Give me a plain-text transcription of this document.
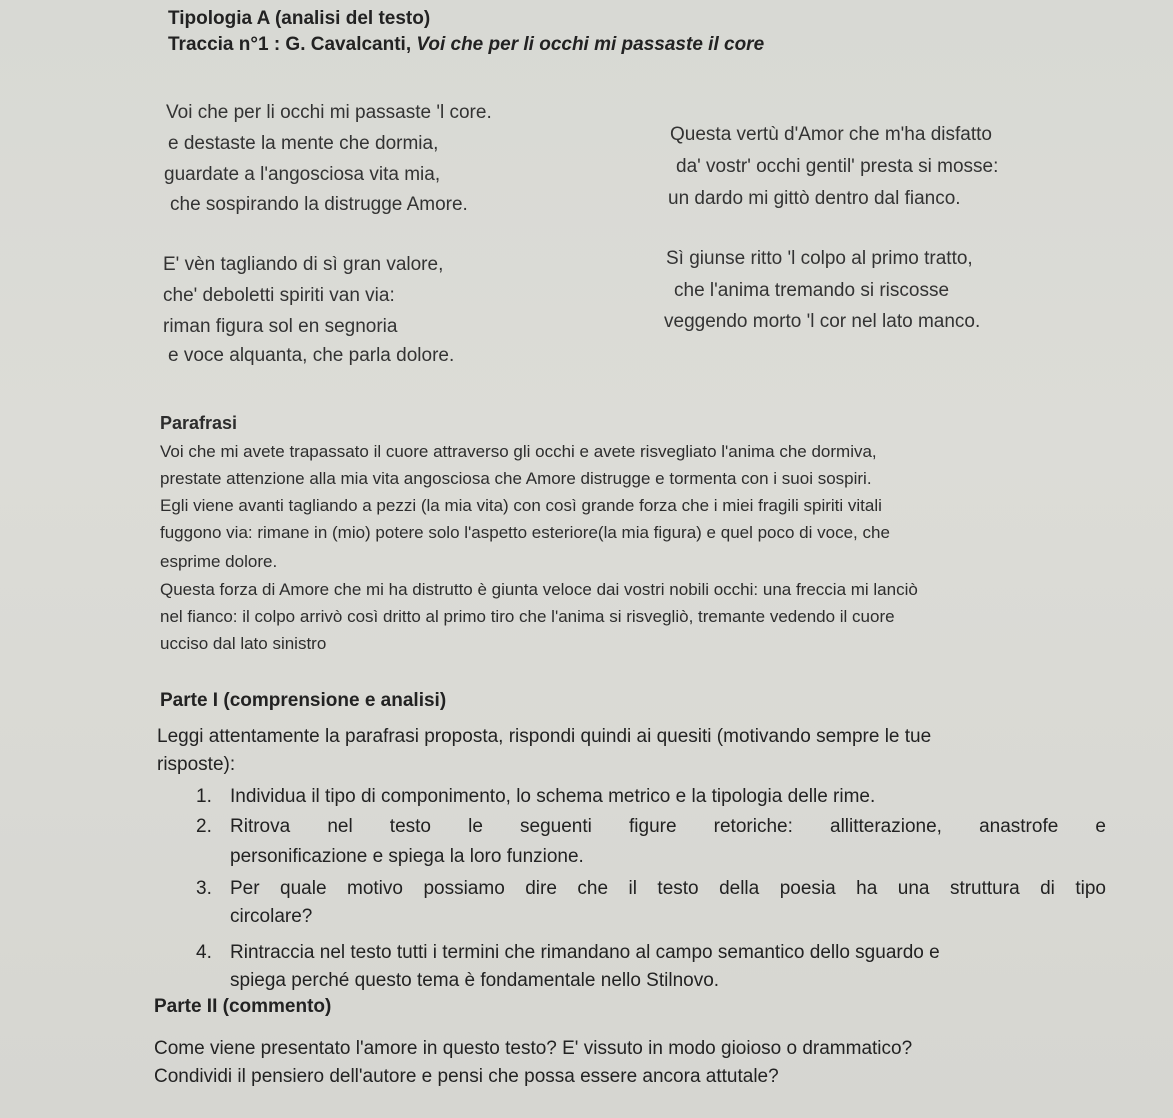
Tipologia A (analisi del testo)
Traccia n°1 : G. Cavalcanti, Voi che per li occhi mi passaste il core
Voi che per li occhi mi passaste 'l core.
e destaste la mente che dormia,
guardate a l'angosciosa vita mia,
che sospirando la distrugge Amore.
E' vèn tagliando di sì gran valore,
che' deboletti spiriti van via:
riman figura sol en segnoria
e voce alquanta, che parla dolore.
Questa vertù d'Amor che m'ha disfatto
da' vostr' occhi gentil' presta si mosse:
un dardo mi gittò dentro dal fianco.
Sì giunse ritto 'l colpo al primo tratto,
che l'anima tremando si riscosse
veggendo morto 'l cor nel lato manco.
Parafrasi
Voi che mi avete trapassato il cuore attraverso gli occhi e avete risvegliato l'anima che dormiva,
prestate attenzione alla mia vita angosciosa che Amore distrugge e tormenta con i suoi sospiri.
Egli viene avanti tagliando a pezzi (la mia vita) con così grande forza che i miei fragili spiriti vitali
fuggono via: rimane in (mio) potere solo l'aspetto esteriore(la mia figura) e quel poco di voce, che
esprime dolore.
Questa forza di Amore che mi ha distrutto è giunta veloce dai vostri nobili occhi: una freccia mi lanciò
nel fianco: il colpo arrivò così dritto al primo tiro che l'anima si risvegliò, tremante vedendo il cuore
ucciso dal lato sinistro
Parte I (comprensione e analisi)
Leggi attentamente la parafrasi proposta, rispondi quindi ai quesiti (motivando sempre le tue
risposte):
1. Individua il tipo di componimento, lo schema metrico e la tipologia delle rime.
2. Ritrova nel testo le seguenti figure retoriche: allitterazione, anastrofe e
personificazione e spiega la loro funzione.
3. Per quale motivo possiamo dire che il testo della poesia ha una struttura di tipo
circolare?
4. Rintraccia nel testo tutti i termini che rimandano al campo semantico dello sguardo e
spiega perché questo tema è fondamentale nello Stilnovo.
Parte II (commento)
Come viene presentato l'amore in questo testo? E' vissuto in modo gioioso o drammatico?
Condividi il pensiero dell'autore e pensi che possa essere ancora attutale?
